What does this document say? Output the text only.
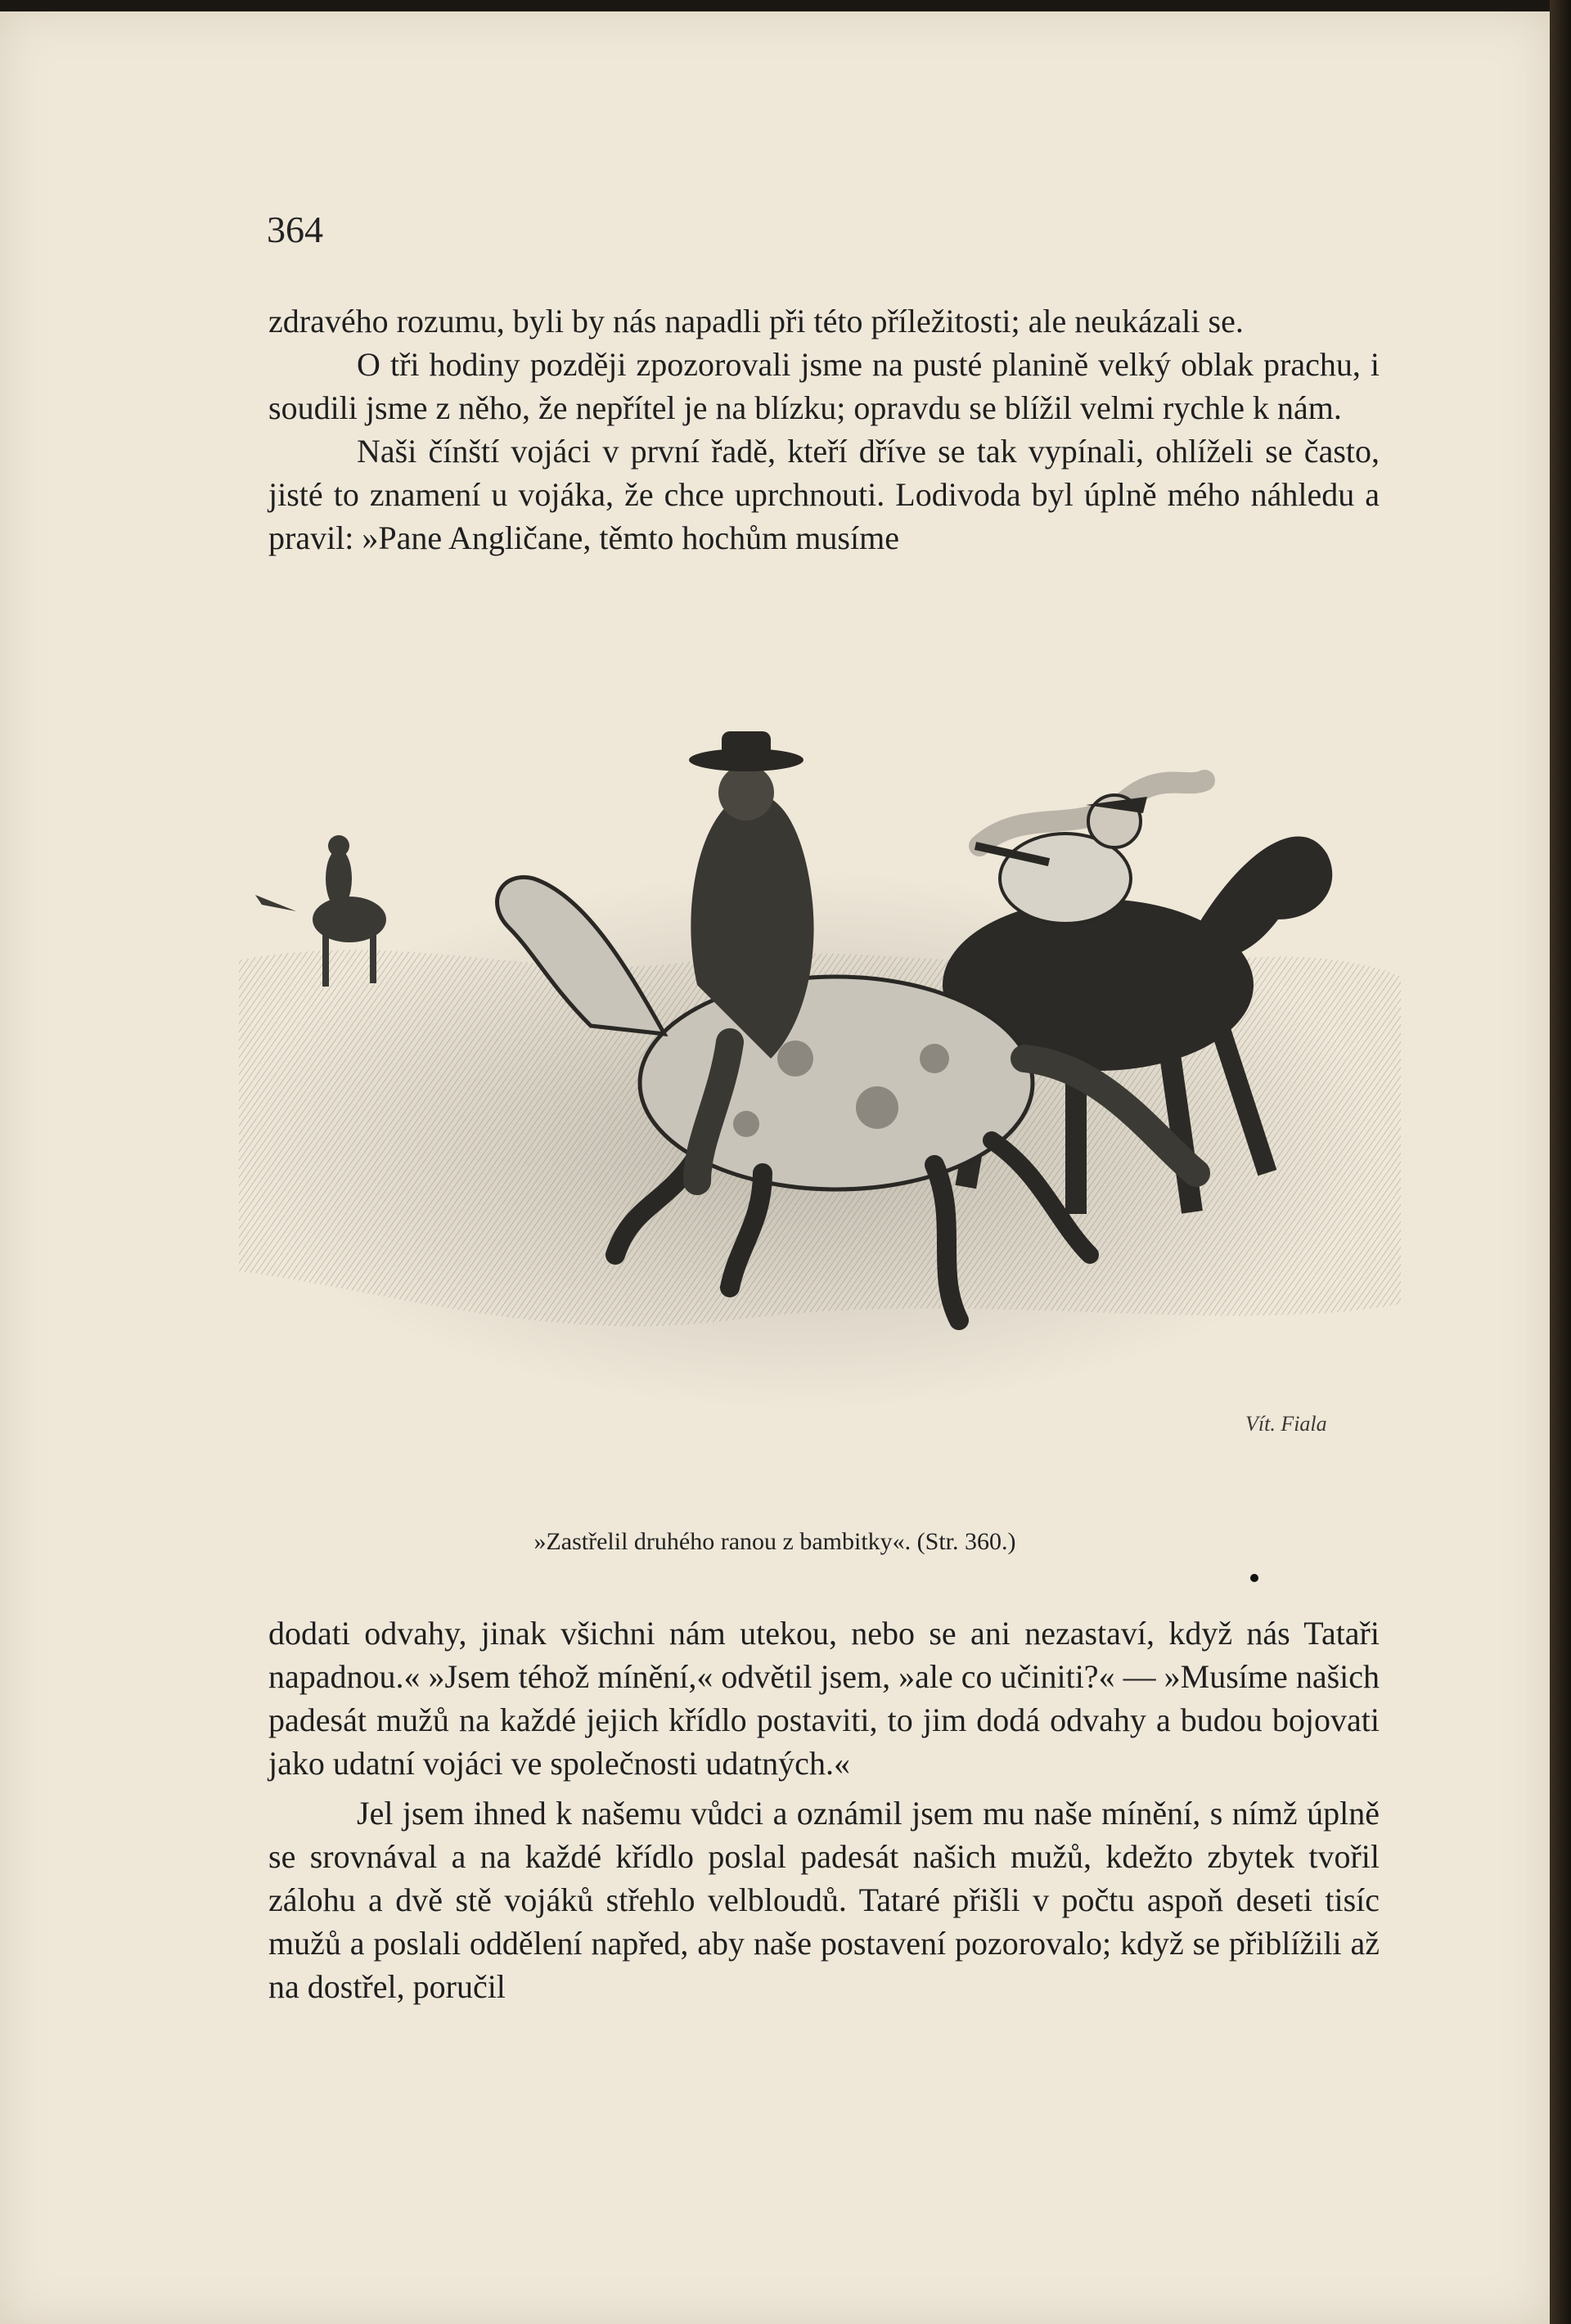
364

zdravého rozumu, byli by nás napadli při této příležitosti; ale neukázali se.

O tři hodiny později zpozorovali jsme na pusté planině velký oblak prachu, i soudili jsme z něho, že nepřítel je na blízku; opravdu se blížil velmi rychle k nám.

Naši čínští vojáci v první řadě, kteří dříve se tak vypínali, ohlíželi se často, jisté to znamení u vojáka, že chce uprchnouti. Lodivoda byl úplně mého náhledu a pravil: »Pane Angličane, těmto hochům musíme

Vít. Fiala
»Zastřelil druhého ranou z bambitky«. (Str. 360.)

dodati odvahy, jinak všichni nám utekou, nebo se ani nezastaví, když nás Tataři napadnou.« »Jsem téhož mínění,« odvětil jsem, »ale co učiniti?« — »Musíme našich padesát mužů na každé jejich křídlo postaviti, to jim dodá odvahy a budou bojovati jako udatní vojáci ve společnosti udatných.«

Jel jsem ihned k našemu vůdci a oznámil jsem mu naše mínění, s nímž úplně se srovnával a na každé křídlo poslal padesát našich mužů, kdežto zbytek tvořil zálohu a dvě stě vojáků střehlo velbloudů. Tataré přišli v počtu aspoň deseti tisíc mužů a poslali oddělení napřed, aby naše postavení pozorovalo; když se přiblížili až na dostřel, poručil
